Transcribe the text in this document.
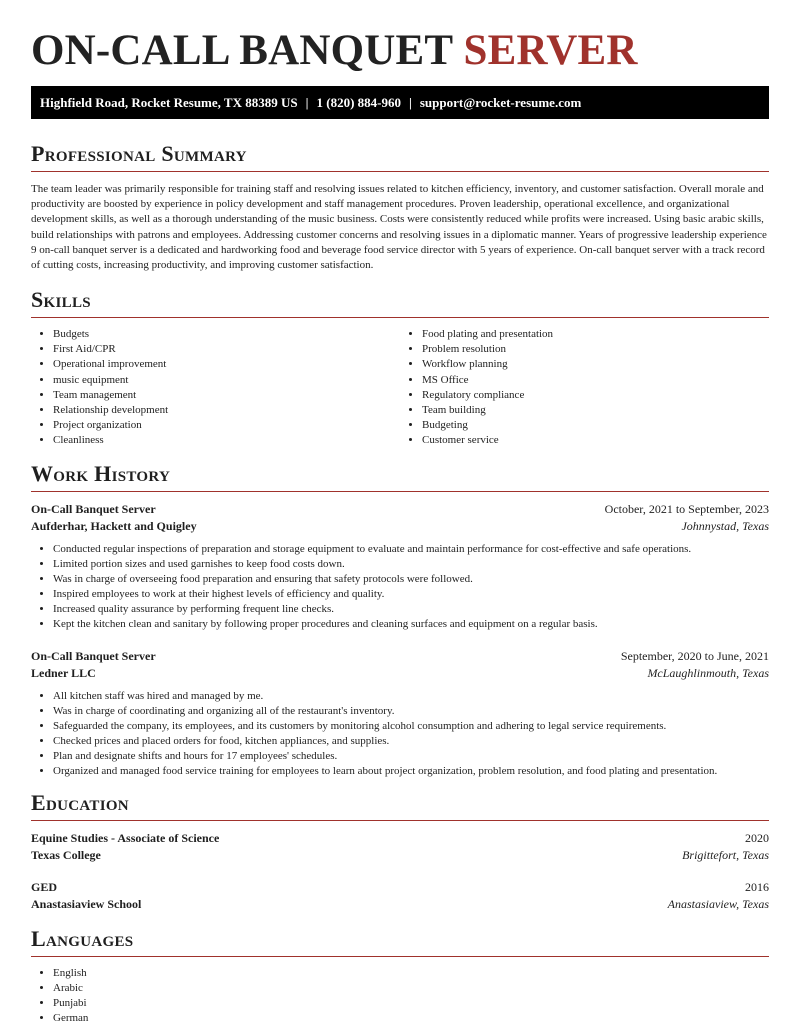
ON-CALL BANQUET SERVER
Highfield Road, Rocket Resume, TX 88389 US | 1 (820) 884-960 | support@rocket-resume.com
Professional Summary

The team leader was primarily responsible for training staff and resolving issues related to kitchen efficiency, inventory, and customer satisfaction. Overall morale and productivity are boosted by experience in policy development and staff management procedures. Proven leadership, operational excellence, and organizational development skills, as well as a thorough understanding of the music business. Costs were consistently reduced while profits were increased. Using basic arabic skills, build relationships with patrons and employees. Addressing customer concerns and resolving issues in a diplomatic manner. Years of progressive leadership experience 9 on-call banquet server is a dedicated and hardworking food and beverage food service director with 5 years of experience. On-call banquet server with a track record of cutting costs, increasing productivity, and improving customer satisfaction.

Skills
• Budgets
• First Aid/CPR
• Operational improvement
• music equipment
• Team management
• Relationship development
• Project organization
• Cleanliness
• Food plating and presentation
• Problem resolution
• Workflow planning
• MS Office
• Regulatory compliance
• Team building
• Budgeting
• Customer service
Work History
On-Call Banquet Server	October, 2021 to September, 2023
Aufderhar, Hackett and Quigley	Johnnystad, Texas
• Conducted regular inspections of preparation and storage equipment to evaluate and maintain performance for cost-effective and safe operations.
• Limited portion sizes and used garnishes to keep food costs down.
• Was in charge of overseeing food preparation and ensuring that safety protocols were followed.
• Inspired employees to work at their highest levels of efficiency and quality.
• Increased quality assurance by performing frequent line checks.
• Kept the kitchen clean and sanitary by following proper procedures and cleaning surfaces and equipment on a regular basis.
On-Call Banquet Server	September, 2020 to June, 2021
Ledner LLC	McLaughlinmouth, Texas
• All kitchen staff was hired and managed by me.
• Was in charge of coordinating and organizing all of the restaurant's inventory.
• Safeguarded the company, its employees, and its customers by monitoring alcohol consumption and adhering to legal service requirements.
• Checked prices and placed orders for food, kitchen appliances, and supplies.
• Plan and designate shifts and hours for 17 employees' schedules.
• Organized and managed food service training for employees to learn about project organization, problem resolution, and food plating and presentation.
Education
Equine Studies - Associate of Science	2020
Texas College	Brigittefort, Texas
GED	2016
Anastasiaview School	Anastasiaview, Texas
Languages
• English
• Arabic
• Punjabi
• German
